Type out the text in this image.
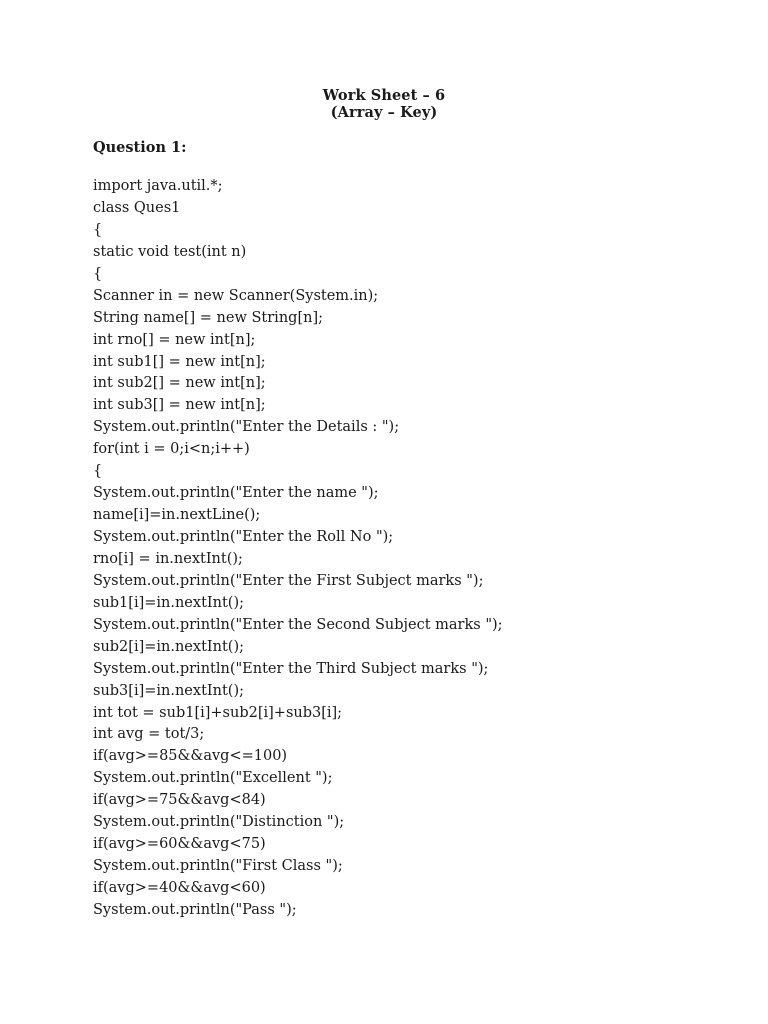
Work Sheet – 6
(Array – Key)
Question 1:
import java.util.*;
class Ques1
{
static void test(int n)
{
Scanner in = new Scanner(System.in);
String name[] = new String[n];
int rno[] = new int[n];
int sub1[] = new int[n];
int sub2[] = new int[n];
int sub3[] = new int[n];
System.out.println("Enter the Details : ");
for(int i = 0;i<n;i++)
{
System.out.println("Enter the name ");
name[i]=in.nextLine();
System.out.println("Enter the Roll No ");
rno[i] = in.nextInt();
System.out.println("Enter the First Subject marks ");
sub1[i]=in.nextInt();
System.out.println("Enter the Second Subject marks ");
sub2[i]=in.nextInt();
System.out.println("Enter the Third Subject marks ");
sub3[i]=in.nextInt();
int tot = sub1[i]+sub2[i]+sub3[i];
int avg = tot/3;
if(avg>=85&&avg<=100)
System.out.println("Excellent ");
if(avg>=75&&avg<84)
System.out.println("Distinction ");
if(avg>=60&&avg<75)
System.out.println("First Class ");
if(avg>=40&&avg<60)
System.out.println("Pass ");
